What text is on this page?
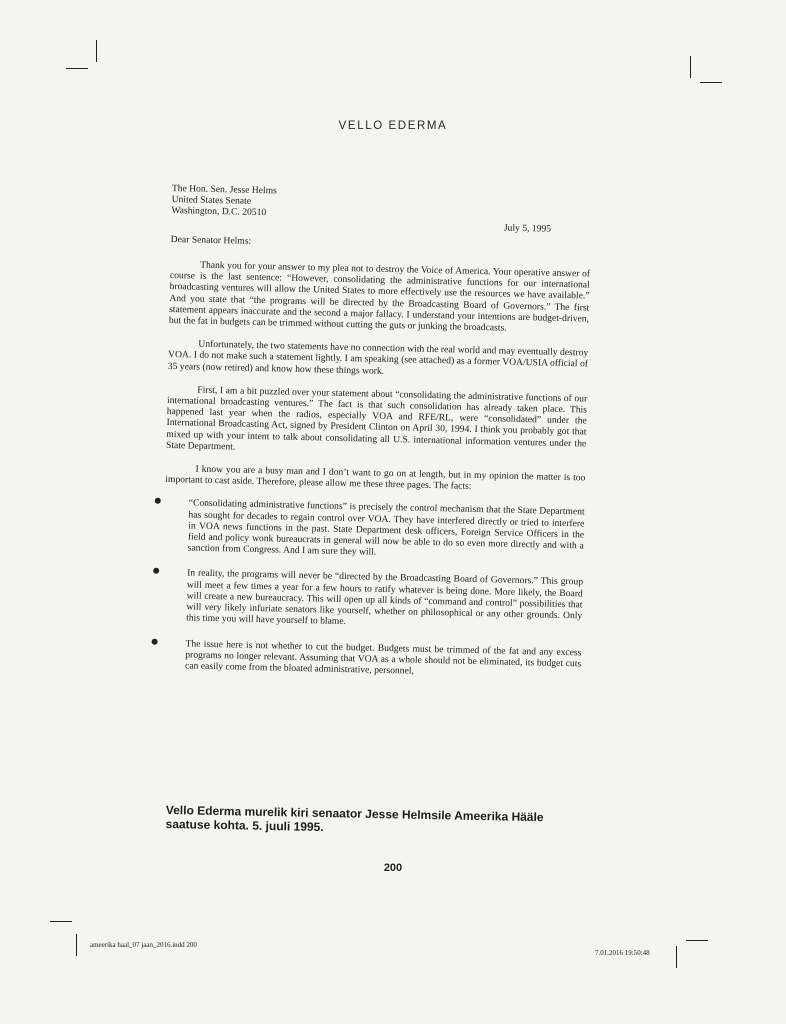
VELLO EDERMA
The Hon. Sen. Jesse Helms
United States Senate
Washington, D.C. 20510
July 5, 1995
Dear Senator Helms:

Thank you for your answer to my plea not to destroy the Voice of America. Your operative answer of course is the last sentence: “However, consolidating the administrative functions for our international broadcasting ventures will allow the United States to more effectively use the resources we have available.” And you state that “the programs will be directed by the Broadcasting Board of Governors.” The first statement appears inaccurate and the second a major fallacy. I understand your intentions are budget-driven, but the fat in budgets can be trimmed without cutting the guts or junking the broadcasts.

Unfortunately, the two statements have no connection with the real world and may eventually destroy VOA. I do not make such a statement lightly. I am speaking (see attached) as a former VOA/USIA official of 35 years (now retired) and know how these things work.

First, I am a bit puzzled over your statement about “consolidating the administrative functions of our international broadcasting ventures.” The fact is that such consolidation has already taken place. This happened last year when the radios, especially VOA and RFE/RL, were “consolidated” under the International Broadcasting Act, signed by President Clinton on April 30, 1994. I think you probably got that mixed up with your intent to talk about consolidating all U.S. international information ventures under the State Department.

I know you are a busy man and I don’t want to go on at length, but in my opinion the matter is too important to cast aside. Therefore, please allow me these three pages. The facts:

“Consolidating administrative functions” is precisely the control mechanism that the State Department has sought for decades to regain control over VOA. They have interfered directly or tried to interfere in VOA news functions in the past. State Department desk officers, Foreign Service Officers in the field and policy wonk bureaucrats in general will now be able to do so even more directly and with a sanction from Congress. And I am sure they will.
In reality, the programs will never be “directed by the Broadcasting Board of Governors.” This group will meet a few times a year for a few hours to ratify whatever is being done. More likely, the Board will create a new bureaucracy. This will open up all kinds of “command and control” possibilities that will very likely infuriate senators like yourself, whether on philosophical or any other grounds. Only this time you will have yourself to blame.
The issue here is not whether to cut the budget. Budgets must be trimmed of the fat and any excess programs no longer relevant. Assuming that VOA as a whole should not be eliminated, its budget cuts can easily come from the bloated administrative, personnel,
Vello Ederma murelik kiri senaator Jesse Helmsile Ameerika Hääle saatuse kohta. 5. juuli 1995.
200
ameerika haal_07 jaan_2016.indd 200
7.01.2016 19:50:48
